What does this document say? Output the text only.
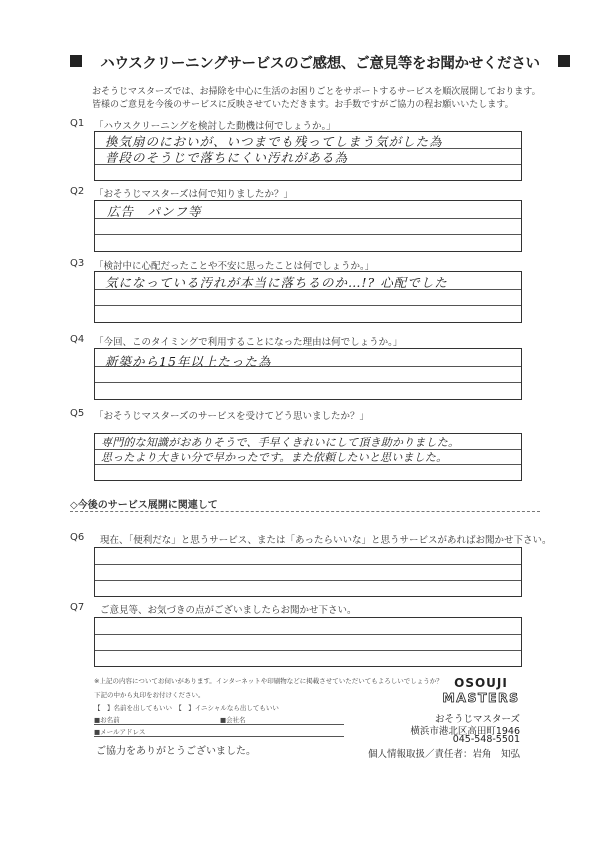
ハウスクリーニングサービスのご感想、ご意見等をお聞かせください
おそうじマスターズでは、お掃除を中心に生活のお困りごとをサポートするサービスを順次展開しております。
皆様のご意見を今後のサービスに反映させていただきます。お手数ですがご協力の程お願いいたします。
Q1 「ハウスクリーニングを検討した動機は何でしょうか。」
換気扇のにおいが、いつまでも残ってしまう気がした為
普段のそうじで落ちにくい汚れがある為
Q2 「おそうじマスターズは何で知りましたか？」
広告　パンフ等
Q3 「検討中に心配だったことや不安に思ったことは何でしょうか。」
気になっている汚れが本当に落ちるのか…!? 心配でした
Q4 「今回、このタイミングで利用することになった理由は何でしょうか。」
新築から15年以上たった為
Q5 「おそうじマスターズのサービスを受けてどう思いましたか？」
専門的な知識がおありそうで、手早くきれいにして頂き助かりました。
思ったより大きい分で早かったです。また依頼したいと思いました。
◇今後のサービス展開に関連して
Q6 現在、「便利だな」と思うサービス、または「あったらいいな」と思うサービスがあればお聞かせ下さい。
Q7 ご意見等、お気づきの点がございましたらお聞かせ下さい。
※上記の内容についてお伺いがあります。インターネットや印刷物などに掲載させていただいてもよろしいでしょうか？
下記の中から丸印をお付けください。
【　】名前を出してもいい　【　】イニシャルなら出してもいい
■お名前	■会社名
■メールアドレス
ご協力をありがとうございました。
OSOUJI
MASTERS
おそうじマスターズ
横浜市港北区高田町1946
045-548-5501
個人情報取扱／責任者：岩角　知弘
